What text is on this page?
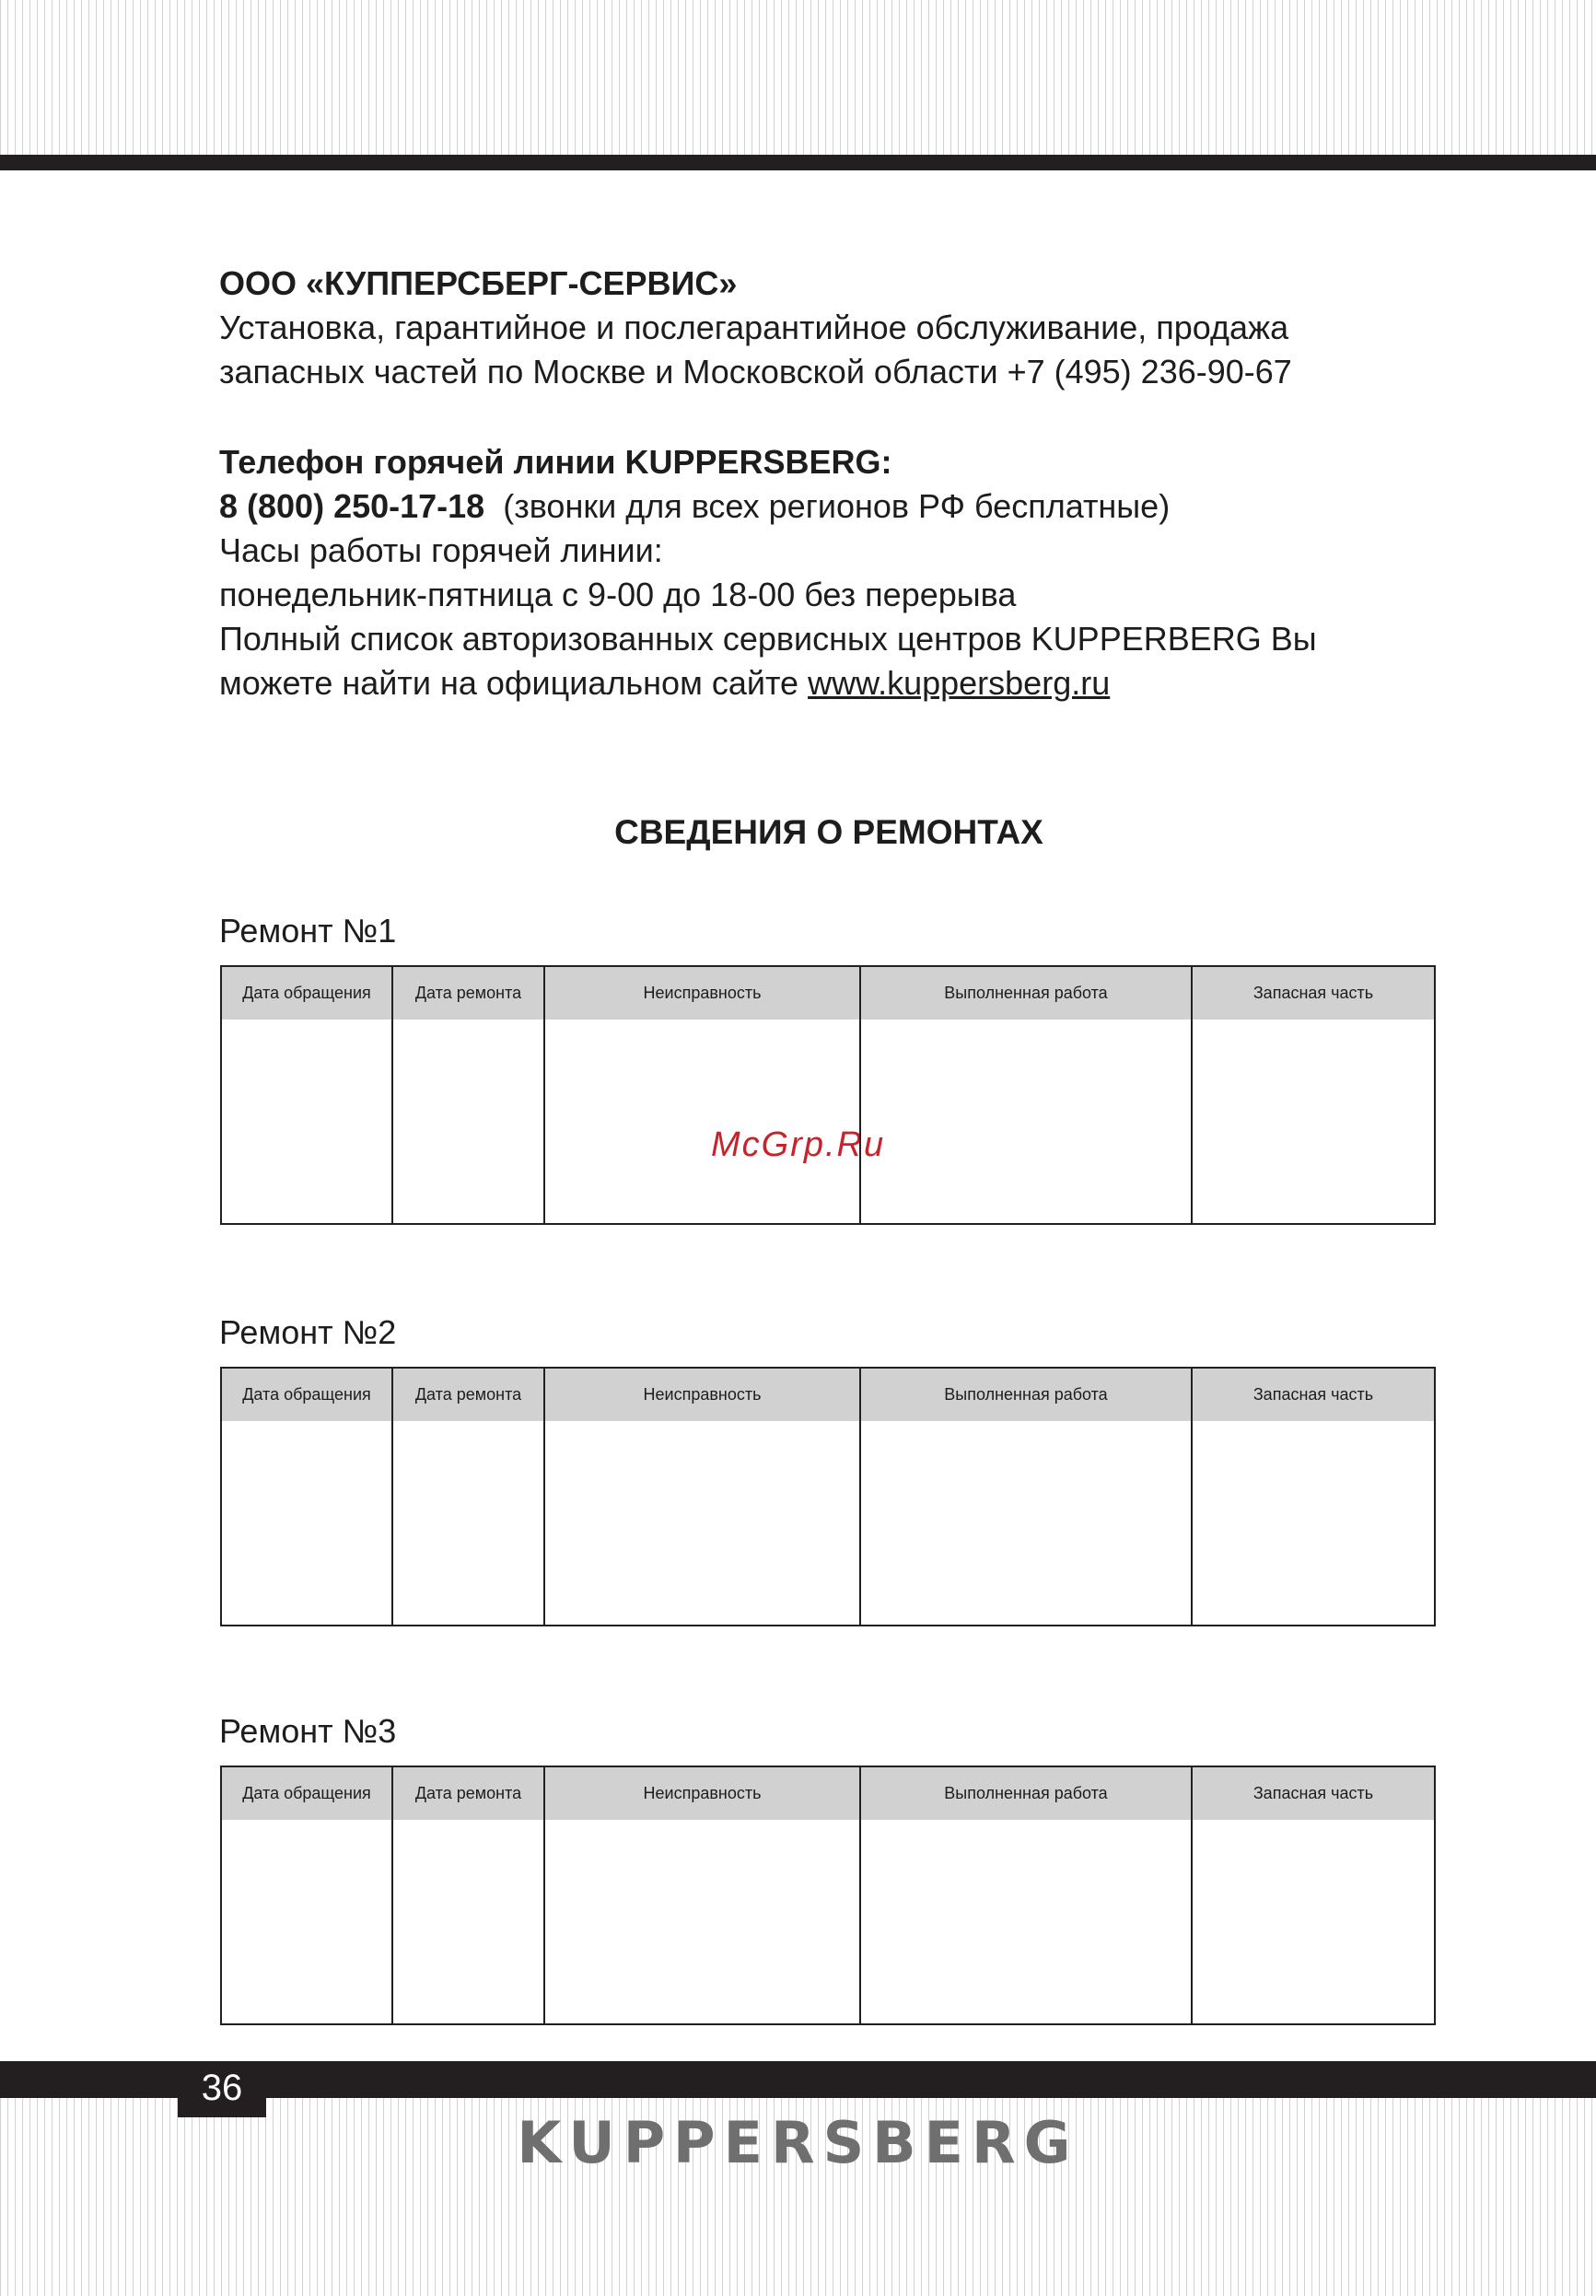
ООО «КУППЕРСБЕРГ-СЕРВИС»

Установка, гарантийное и послегарантийное обслуживание, продажа

запасных частей по Москве и Московской области +7 (495) 236-90-67

Телефон горячей линии KUPPERSBERG:

8 (800) 250-17-18 (звонки для всех регионов РФ бесплатные)

Часы работы горячей линии:

понедельник-пятница с 9-00 до 18-00 без перерыва

Полный список авторизованных сервисных центров KUPPERBERG Вы

можете найти на официальном сайте www.kuppersberg.ru

СВЕДЕНИЯ О РЕМОНТАХ
McGrp.Ru
Ремонт №1
Дата обращения	Дата ремонта	Неисправность	Выполненная работа	Запасная часть

Ремонт №2
Дата обращения	Дата ремонта	Неисправность	Выполненная работа	Запасная часть

Ремонт №3
Дата обращения	Дата ремонта	Неисправность	Выполненная работа	Запасная часть

36
KUPPERSBERG
